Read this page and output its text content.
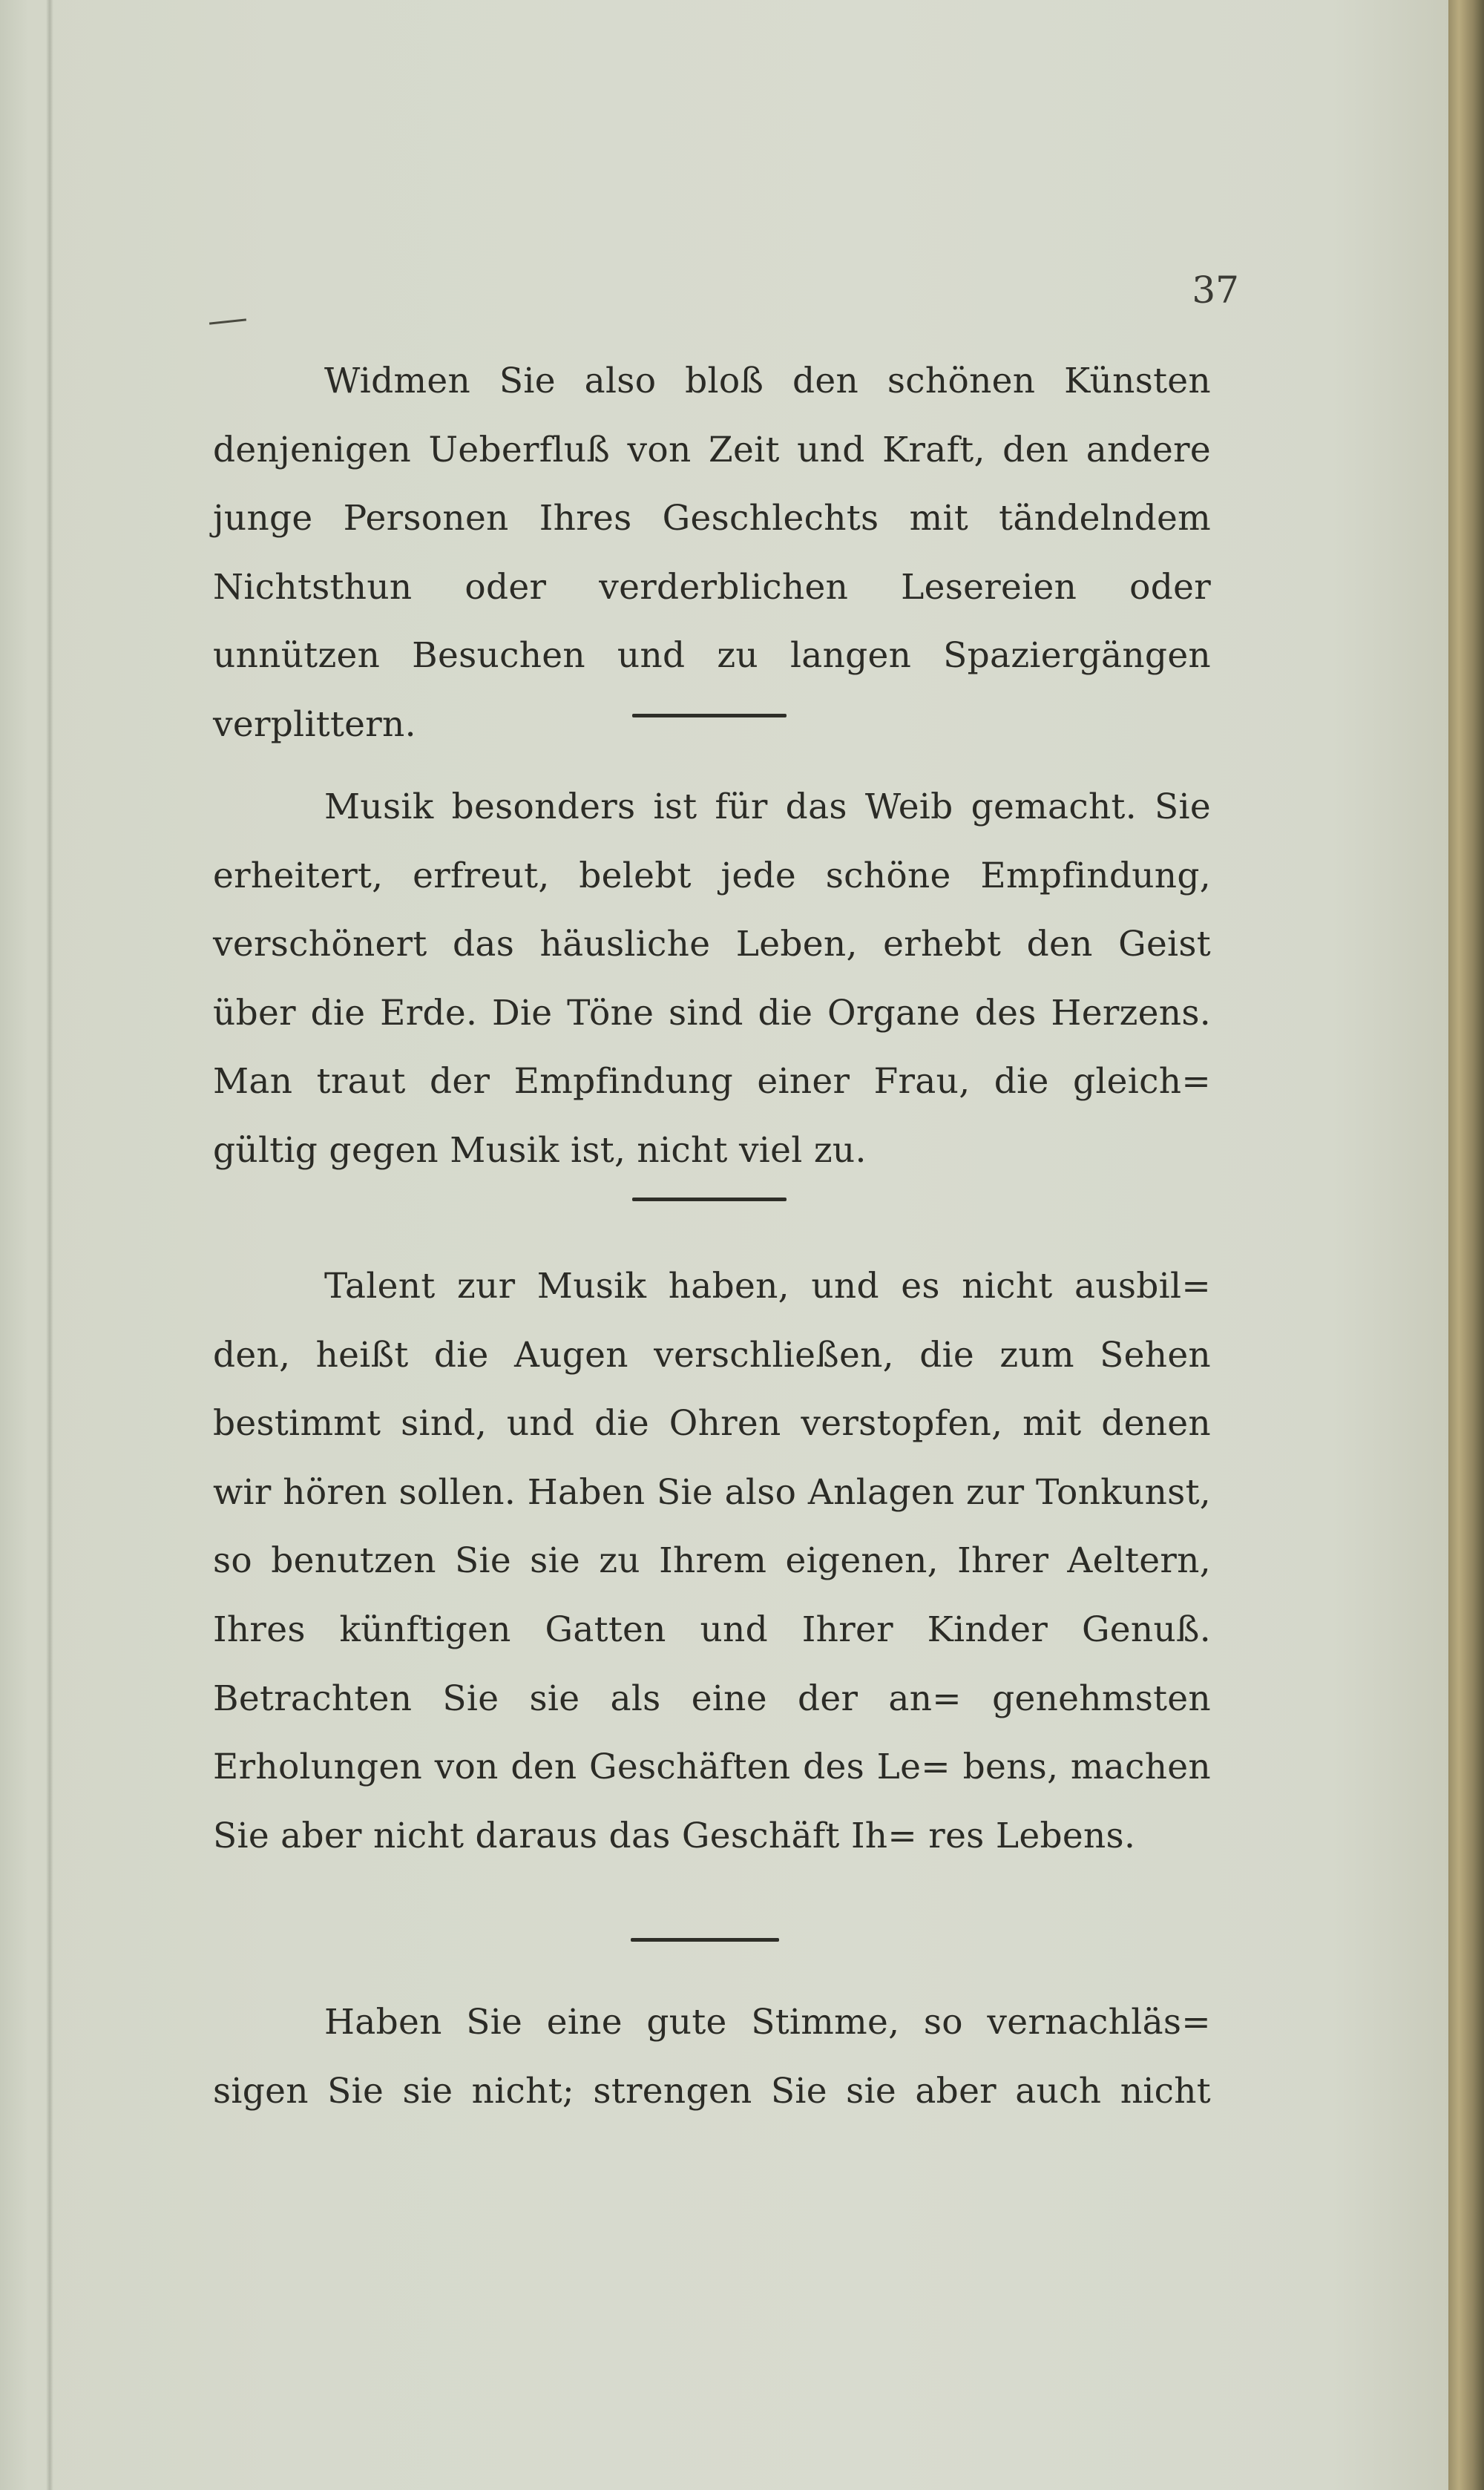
37

Widmen Sie also bloß den schönen Künsten denjenigen Ueberfluß von Zeit und Kraft, den andere junge Personen Ihres Geschlechts mit tändelndem Nichtsthun oder verderblichen Lesereien oder unnützen Besuchen und zu langen Spaziergängen verplittern.

Musik besonders ist für das Weib gemacht. Sie erheitert, erfreut, belebt jede schöne Empfindung, verschönert das häusliche Leben, erhebt den Geist über die Erde. Die Töne sind die Organe des Herzens. Man traut der Empfindung einer Frau, die gleich= gültig gegen Musik ist, nicht viel zu.

Talent zur Musik haben, und es nicht ausbil= den, heißt die Augen verschließen, die zum Sehen bestimmt sind, und die Ohren verstopfen, mit denen wir hören sollen. Haben Sie also Anlagen zur Tonkunst, so benutzen Sie sie zu Ihrem eigenen, Ihrer Aeltern, Ihres künftigen Gatten und Ihrer Kinder Genuß. Betrachten Sie sie als eine der an= genehmsten Erholungen von den Geschäften des Le= bens, machen Sie aber nicht daraus das Geschäft Ih= res Lebens.

Haben Sie eine gute Stimme, so vernachläs= sigen Sie sie nicht; strengen Sie sie aber auch nicht
